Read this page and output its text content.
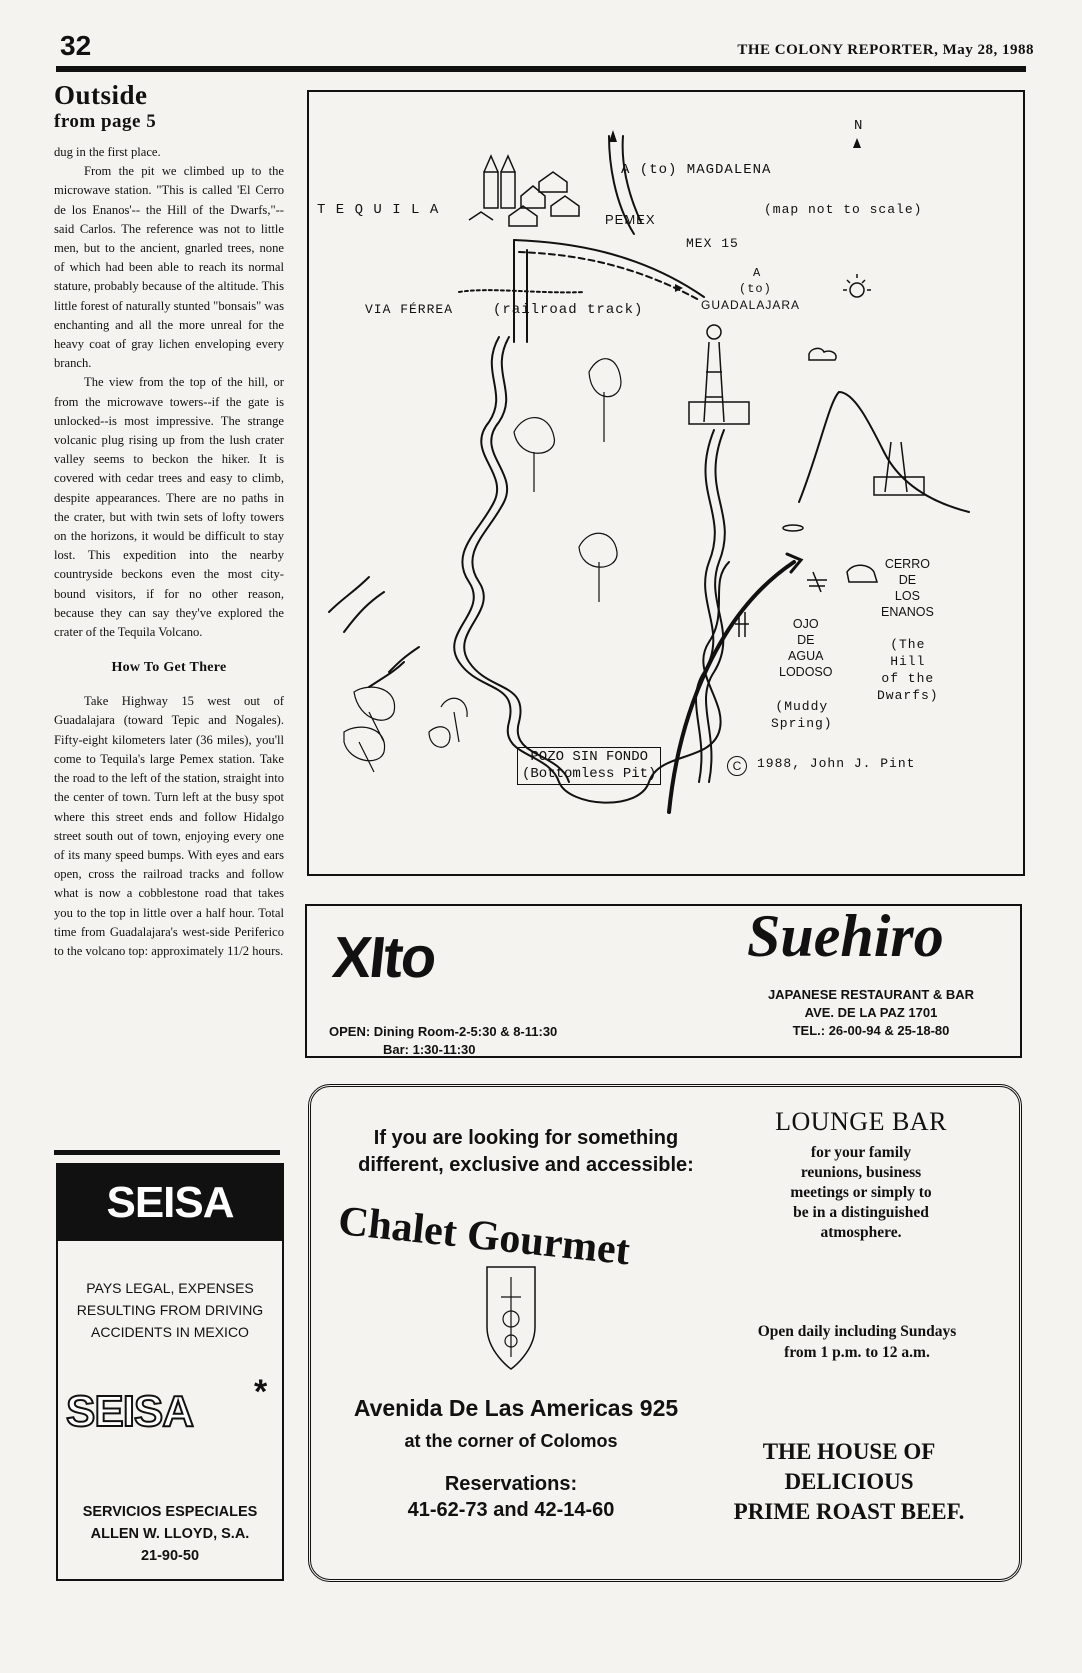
32	THE COLONY REPORTER, May 28, 1988
Outside
from page 5

dug in the first place.

From the pit we climbed up to the microwave station. "This is called 'El Cerro de los Enanos'-- the Hill of the Dwarfs,"-- said Carlos. The reference was not to little men, but to the ancient, gnarled trees, none of which had been able to reach its normal stature, probably because of the altitude. This little forest of naturally stunted "bonsais" was enchanting and all the more unreal for the heavy coat of gray lichen enveloping every branch.

The view from the top of the hill, or from the microwave towers--if the gate is unlocked--is most impressive. The strange volcanic plug rising up from the lush crater valley seems to beckon the hiker. It is covered with cedar trees and easy to climb, despite appearances. There are no paths in the crater, but with twin sets of lofty towers on the horizons, it would be difficult to stay lost. This expedition into the nearby countryside beckons even the most city-bound visitors, if for no other reason, because they can say they've explored the crater of the Tequila Volcano.

How To Get There

Take Highway 15 west out of Guadalajara (toward Tepic and Nogales). Fifty-eight kilometers later (36 miles), you'll come to Tequila's large Pemex station. Take the road to the left of the station, straight into the center of town. Turn left at the busy spot where this street ends and follow Hidalgo street south out of town, enjoying every one of its many speed bumps. With eyes and ears open, cross the railroad tracks and follow what is now a cobblestone road that takes you to the top in little over a half hour. Total time from Guadalajara's west-side Periferico to the volcano top: approximately 11/2 hours.

N
T E Q U I L A
A (to) MAGDALENA
(map not to scale)
PEMEX
MEX 15
A
(to)
GUADALAJARA
VIA FÉRREA	(railroad track)
CERRO
DE
LOS
ENANOS
(The
Hill
of the
Dwarfs)
OJO
DE
AGUA
LODOSO
(Muddy
Spring)
POZO SIN FONDO
(Bottomless Pit)	C	1988, John J. Pint
XIto
OPEN: Dining Room-2-5:30 & 8-11:30
Bar: 1:30-11:30
Suehiro
JAPANESE RESTAURANT & BAR
AVE. DE LA PAZ 1701
TEL.: 26-00-94 & 25-18-80
SEISA
PAYS LEGAL, EXPENSES
RESULTING FROM DRIVING
ACCIDENTS IN MEXICO
SEISA *
SERVICIOS ESPECIALES
ALLEN W. LLOYD, S.A.
21-90-50
If you are looking for something
different, exclusive and accessible:
Chalet Gourmet
Avenida De Las Americas 925
at the corner of Colomos
Reservations:
41-62-73 and 42-14-60
LOUNGE BAR
for your family
reunions, business
meetings or simply to
be in a distinguished
atmosphere.
Open daily including Sundays
from 1 p.m. to 12 a.m.
THE HOUSE OF
DELICIOUS
PRIME ROAST BEEF.
